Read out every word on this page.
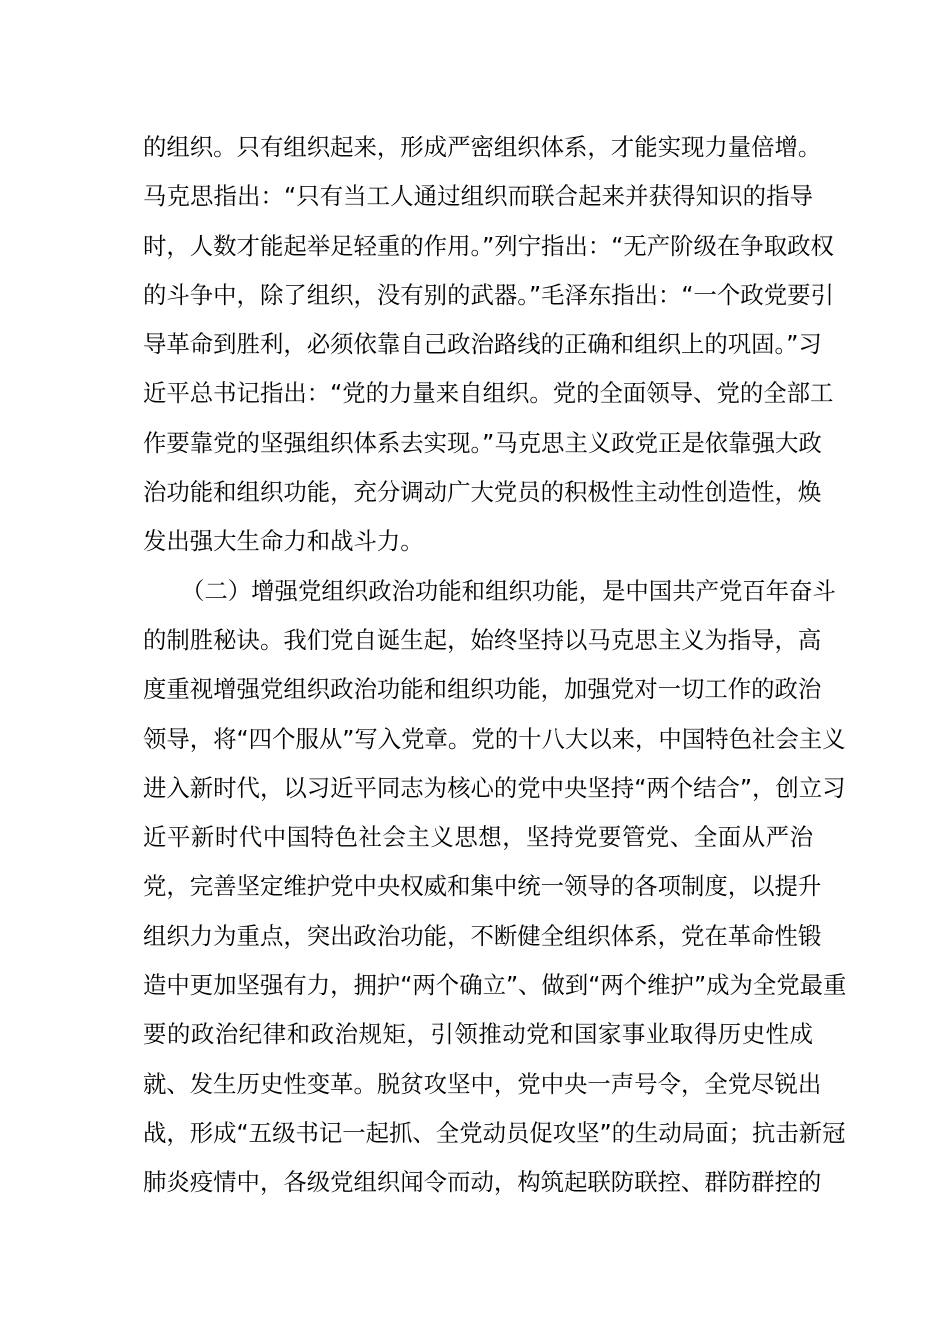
的组织。只有组织起来，形成严密组织体系，才能实现力量倍增。
马克思指出：“只有当工人通过组织而联合起来并获得知识的指导
时，人数才能起举足轻重的作用。”列宁指出：“无产阶级在争取政权
的斗争中，除了组织，没有别的武器。”毛泽东指出：“一个政党要引
导革命到胜利，必须依靠自己政治路线的正确和组织上的巩固。”习
近平总书记指出：“党的力量来自组织。党的全面领导、党的全部工
作要靠党的坚强组织体系去实现。”马克思主义政党正是依靠强大政
治功能和组织功能，充分调动广大党员的积极性主动性创造性，焕
发出强大生命力和战斗力。
（二）增强党组织政治功能和组织功能，是中国共产党百年奋斗
的制胜秘诀。我们党自诞生起，始终坚持以马克思主义为指导，高
度重视增强党组织政治功能和组织功能，加强党对一切工作的政治
领导，将“四个服从”写入党章。党的十八大以来，中国特色社会主义
进入新时代，以习近平同志为核心的党中央坚持“两个结合”，创立习
近平新时代中国特色社会主义思想，坚持党要管党、全面从严治
党，完善坚定维护党中央权威和集中统一领导的各项制度，以提升
组织力为重点，突出政治功能，不断健全组织体系，党在革命性锻
造中更加坚强有力，拥护“两个确立”、做到“两个维护”成为全党最重
要的政治纪律和政治规矩，引领推动党和国家事业取得历史性成
就、发生历史性变革。脱贫攻坚中，党中央一声号令，全党尽锐出
战，形成“五级书记一起抓、全党动员促攻坚”的生动局面；抗击新冠
肺炎疫情中，各级党组织闻令而动，构筑起联防联控、群防群控的
